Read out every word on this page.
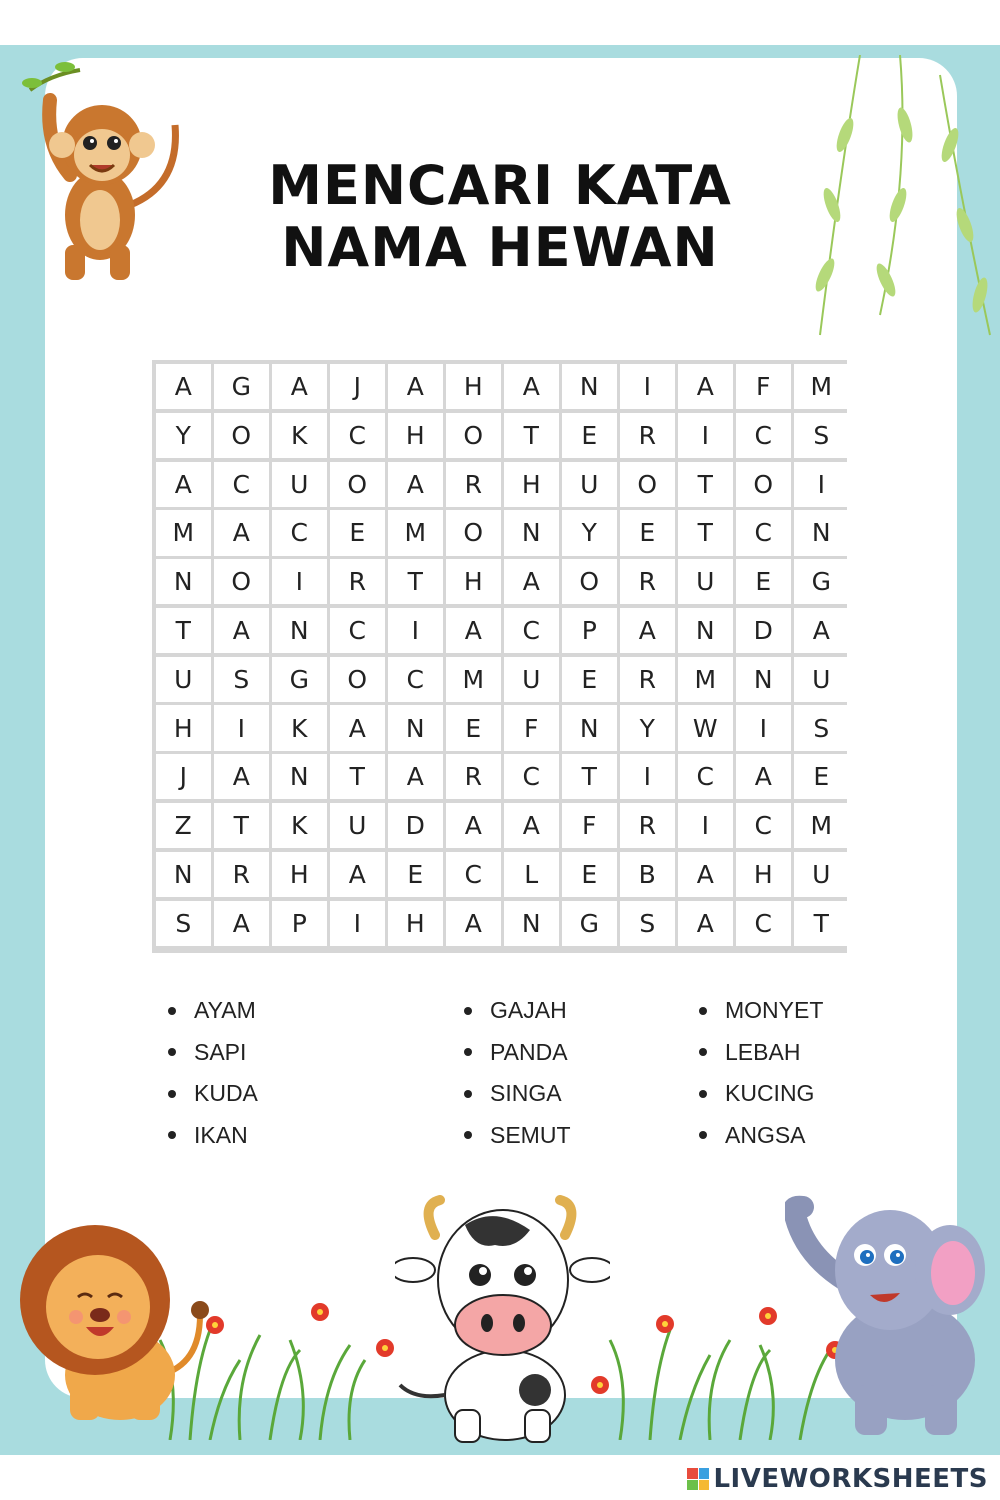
MENCARI KATA
NAMA HEWAN
A	G	A	J	A	H	A	N	I	A	F	M
Y	O	K	C	H	O	T	E	R	I	C	S
A	C	U	O	A	R	H	U	O	T	O	I
M	A	C	E	M	O	N	Y	E	T	C	N
N	O	I	R	T	H	A	O	R	U	E	G
T	A	N	C	I	A	C	P	A	N	D	A
U	S	G	O	C	M	U	E	R	M	N	U
H	I	K	A	N	E	F	N	Y	W	I	S
J	A	N	T	A	R	C	T	I	C	A	E
Z	T	K	U	D	A	A	F	R	I	C	M
N	R	H	A	E	C	L	E	B	A	H	U
S	A	P	I	H	A	N	G	S	A	C	T
AYAM
SAPI
KUDA
IKAN
GAJAH
PANDA
SINGA
SEMUT
MONYET
LEBAH
KUCING
ANGSA
LIVEWORKSHEETS
